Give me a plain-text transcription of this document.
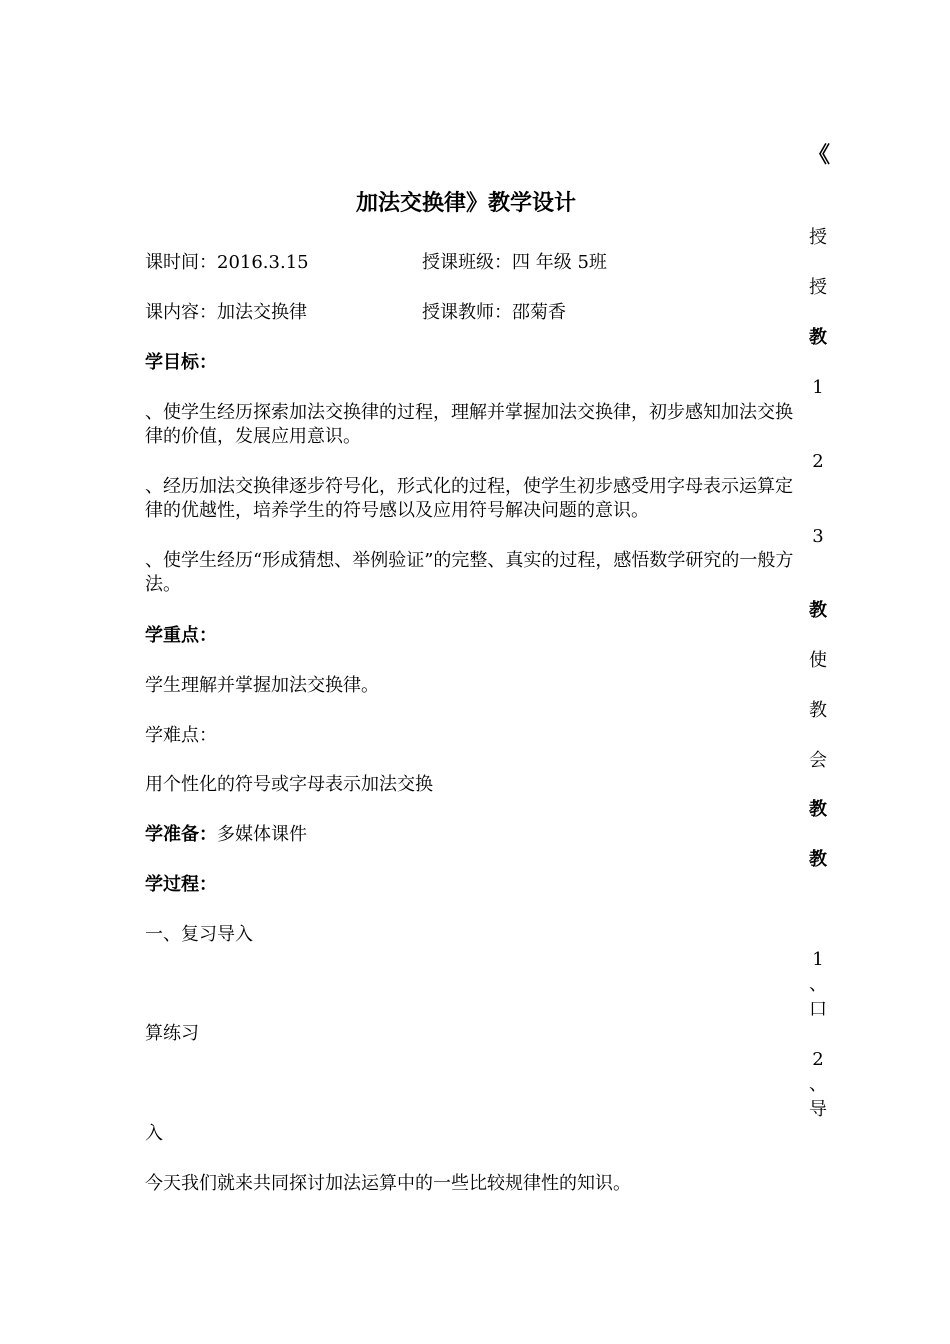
《
加法交换律》教学设计
课时间：2016.3.15	授课班级：四 年级 5班
课内容：加法交换律	授课教师：邵菊香
学目标：
、使学生经历探索加法交换律的过程，理解并掌握加法交换律，初步感知加法交换律的价值，发展应用意识。
、经历加法交换律逐步符号化，形式化的过程，使学生初步感受用字母表示运算定律的优越性，培养学生的符号感以及应用符号解决问题的意识。
、使学生经历“形成猜想、举例验证”的完整、真实的过程，感悟数学研究的一般方法。
学重点：
学生理解并掌握加法交换律。
学难点：
用个性化的符号或字母表示加法交换
学准备：多媒体课件
学过程：
一、复习导入
算练习
入
今天我们就来共同探讨加法运算中的一些比较规律性的知识。
授
授
教
1
2
3
教
使
教
会
教
教
1
、
口
2
、
导
